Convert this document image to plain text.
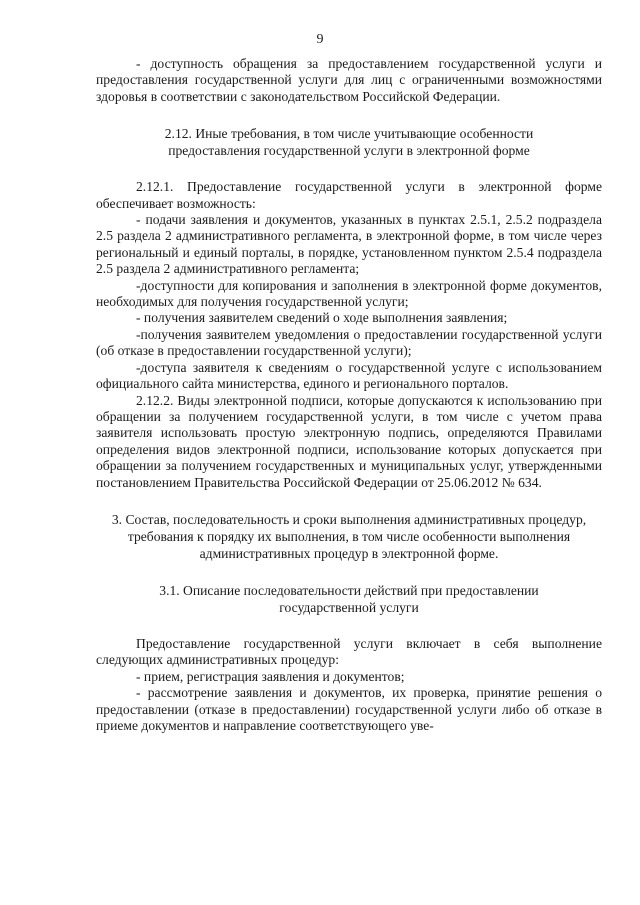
9

- доступность обращения за предоставлением государственной услуги и предоставления государственной услуги для лиц с ограниченными возможностями здоровья в соответствии с законодательством Российской Федерации.

2.12. Иные требования, в том числе учитывающие особенности предоставления государственной услуги в электронной форме

2.12.1. Предоставление государственной услуги в электронной форме обеспечивает возможность:

- подачи заявления и документов, указанных в пунктах 2.5.1, 2.5.2 подраздела 2.5 раздела 2 административного регламента, в электронной форме, в том числе через региональный и единый порталы, в порядке, установленном пунктом 2.5.4 подраздела 2.5 раздела 2 административного регламента;

-доступности для копирования и заполнения в электронной форме документов, необходимых для получения государственной услуги;

- получения заявителем сведений о ходе выполнения заявления;

-получения заявителем уведомления о предоставлении государственной услуги (об отказе в предоставлении государственной услуги);

-доступа заявителя к сведениям о государственной услуге с использованием официального сайта министерства, единого и регионального порталов.

2.12.2. Виды электронной подписи, которые допускаются к использованию при обращении за получением государственной услуги, в том числе с учетом права заявителя использовать простую электронную подпись, определяются Правилами определения видов электронной подписи, использование которых допускается при обращении за получением государственных и муниципальных услуг, утвержденными постановлением Правительства Российской Федерации от 25.06.2012 № 634.

3. Состав, последовательность и сроки выполнения административных процедур, требования к порядку их выполнения, в том числе особенности выполнения административных процедур в электронной форме.
3.1. Описание последовательности действий при предоставлении государственной услуги

Предоставление государственной услуги включает в себя выполнение следующих административных процедур:

- прием, регистрация заявления и документов;

- рассмотрение заявления и документов, их проверка, принятие решения о предоставлении (отказе в предоставлении) государственной услуги либо об отказе в приеме документов и направление соответствующего уве-
